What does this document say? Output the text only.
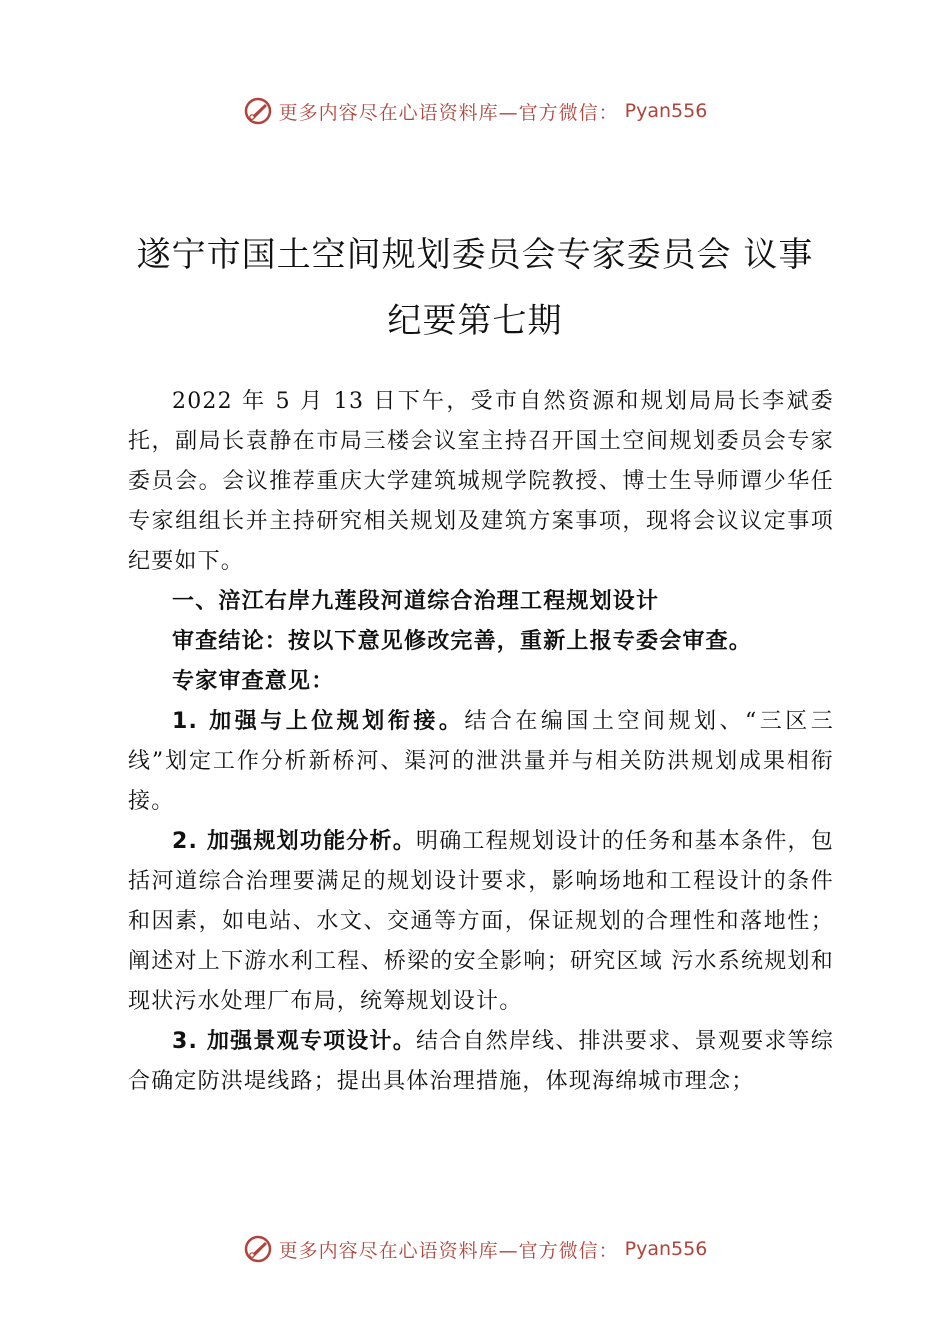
更多内容尽在心语资料库—官方微信： Pyan556
遂宁市国土空间规划委员会专家委员会 议事
纪要第七期

2022 年 5 月 13 日下午，受市自然资源和规划局局长李斌委托，副局长袁静在市局三楼会议室主持召开国土空间规划委员会专家委员会。会议推荐重庆大学建筑城规学院教授、博士生导师谭少华任专家组组长并主持研究相关规划及建筑方案事项，现将会议议定事项纪要如下。

一、涪江右岸九莲段河道综合治理工程规划设计

审查结论：按以下意见修改完善，重新上报专委会审查。

专家审查意见：

1. 加强与上位规划衔接。结合在编国土空间规划、“三区三线”划定工作分析新桥河、渠河的泄洪量并与相关防洪规划成果相衔接。

2. 加强规划功能分析。明确工程规划设计的任务和基本条件，包括河道综合治理要满足的规划设计要求，影响场地和工程设计的条件和因素，如电站、水文、交通等方面，保证规划的合理性和落地性；阐述对上下游水利工程、桥梁的安全影响；研究区域 污水系统规划和现状污水处理厂布局，统筹规划设计。

3. 加强景观专项设计。结合自然岸线、排洪要求、景观要求等综合确定防洪堤线路；提出具体治理措施，体现海绵城市理念；

更多内容尽在心语资料库—官方微信： Pyan556
